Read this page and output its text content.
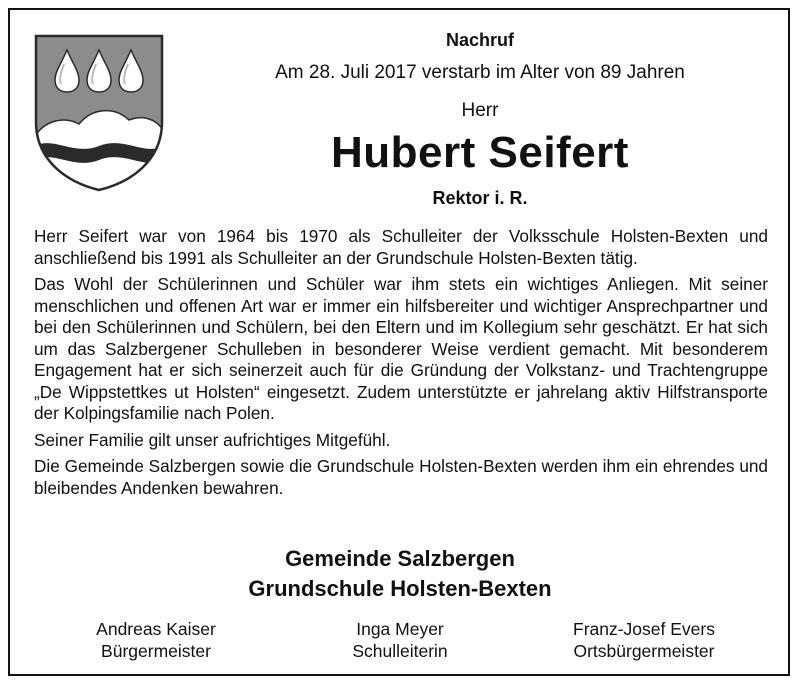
Nachruf
Am 28. Juli 2017 verstarb im Alter von 89 Jahren
Herr
Hubert Seifert
Rektor i. R.

Herr Seifert war von 1964 bis 1970 als Schulleiter der Volksschule Holsten-Bexten und anschließend bis 1991 als Schulleiter an der Grundschule Holsten-Bexten tätig.

Das Wohl der Schülerinnen und Schüler war ihm stets ein wichtiges Anliegen. Mit seiner menschlichen und offenen Art war er immer ein hilfsbereiter und wichtiger Ansprechpartner und bei den Schülerinnen und Schülern, bei den Eltern und im Kollegium sehr geschätzt. Er hat sich um das Salzbergener Schulleben in besonderer Weise verdient gemacht. Mit besonderem Engagement hat er sich seinerzeit auch für die Gründung der Volkstanz- und Trachtengruppe „De Wippstettkes ut Holsten“ eingesetzt. Zudem unterstützte er jahrelang aktiv Hilfstransporte der Kolpingsfamilie nach Polen.

Seiner Familie gilt unser aufrichtiges Mitgefühl.

Die Gemeinde Salzbergen sowie die Grundschule Holsten-Bexten werden ihm ein ehrendes und bleibendes Andenken bewahren.

Gemeinde Salzbergen
Grundschule Holsten-Bexten
Andreas Kaiser
Bürgermeister
Inga Meyer
Schulleiterin
Franz-Josef Evers
Ortsbürgermeister
